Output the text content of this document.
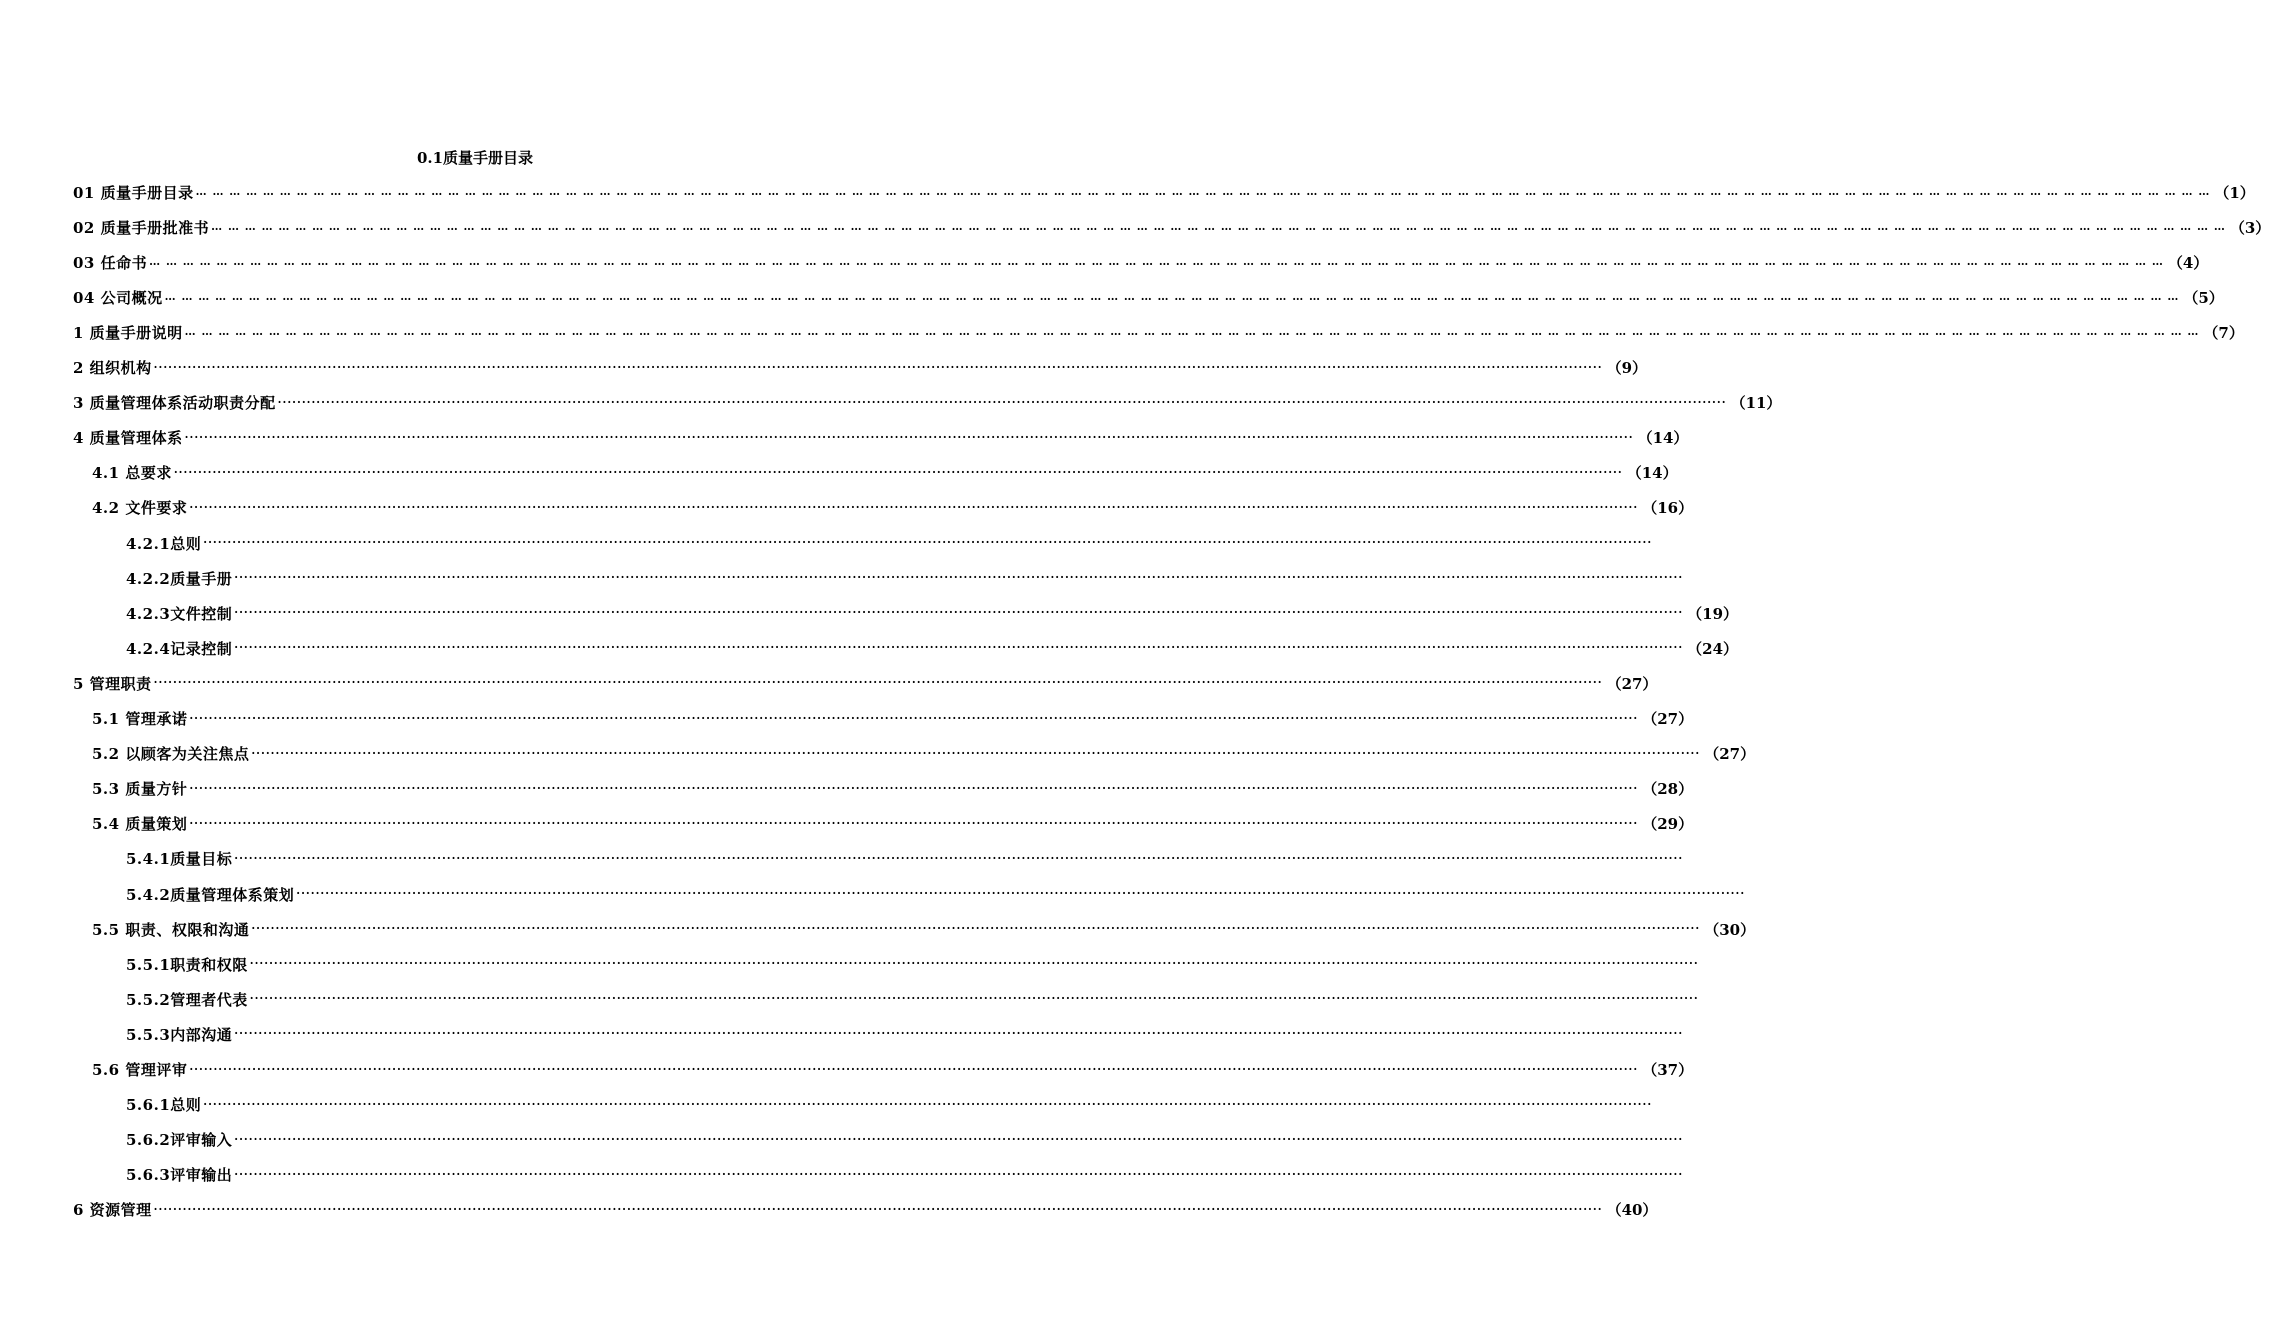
0.1质量手册目录
01 质量手册目录 … … … … … … … … … … … … … … … … … … … … … … … … … … … … … … … … … … … … … … … … … … … … … … … … … … … … … … … … … … … … … … … … … … … … … … … … … … … … … … … … … … … … … … … … … … … … … … … … … … … … … … … … … … … … … … … … … … … … … … … … （1）
02 质量手册批准书 … … … … … … … … … … … … … … … … … … … … … … … … … … … … … … … … … … … … … … … … … … … … … … … … … … … … … … … … … … … … … … … … … … … … … … … … … … … … … … … … … … … … … … … … … … … … … … … … … … … … … … … … … … … … … … … … … … … … … … … … （3）
03 任命书 … … … … … … … … … … … … … … … … … … … … … … … … … … … … … … … … … … … … … … … … … … … … … … … … … … … … … … … … … … … … … … … … … … … … … … … … … … … … … … … … … … … … … … … … … … … … … … … … … … … … … … … … … … … … … … … … … … … … … … … … （4）
04 公司概况 … … … … … … … … … … … … … … … … … … … … … … … … … … … … … … … … … … … … … … … … … … … … … … … … … … … … … … … … … … … … … … … … … … … … … … … … … … … … … … … … … … … … … … … … … … … … … … … … … … … … … … … … … … … … … … … … … … … … … … … … （5）
1 质量手册说明 … … … … … … … … … … … … … … … … … … … … … … … … … … … … … … … … … … … … … … … … … … … … … … … … … … … … … … … … … … … … … … … … … … … … … … … … … … … … … … … … … … … … … … … … … … … … … … … … … … … … … … … … … … … … … … … … … … … … … … … … （7）
2 组织机构 ············································································································································································································································································································ （9）
3 质量管理体系活动职责分配 ············································································································································································································································································································ （11）
4 质量管理体系 ············································································································································································································································································································ （14）
4.1 总要求 ············································································································································································································································································································ （14）
4.2 文件要求 ············································································································································································································································································································ （16）
4.2.1总则 ············································································································································································································································································································
4.2.2质量手册 ············································································································································································································································································································
4.2.3文件控制 ············································································································································································································································································································ （19）
4.2.4记录控制 ············································································································································································································································································································ （24）
5 管理职责 ············································································································································································································································································································ （27）
5.1 管理承诺 ············································································································································································································································································································ （27）
5.2 以顾客为关注焦点 ············································································································································································································································································································ （27）
5.3 质量方针 ············································································································································································································································································································ （28）
5.4 质量策划 ············································································································································································································································································································ （29）
5.4.1质量目标 ············································································································································································································································································································
5.4.2质量管理体系策划 ············································································································································································································································································································
5.5 职责、权限和沟通 ············································································································································································································································································································ （30）
5.5.1职责和权限 ············································································································································································································································································································
5.5.2管理者代表 ············································································································································································································································································································
5.5.3内部沟通 ············································································································································································································································································································
5.6 管理评审 ············································································································································································································································································································ （37）
5.6.1总则 ············································································································································································································································································································
5.6.2评审输入 ············································································································································································································································································································
5.6.3评审输出 ············································································································································································································································································································
6 资源管理 ············································································································································································································································································································ （40）
